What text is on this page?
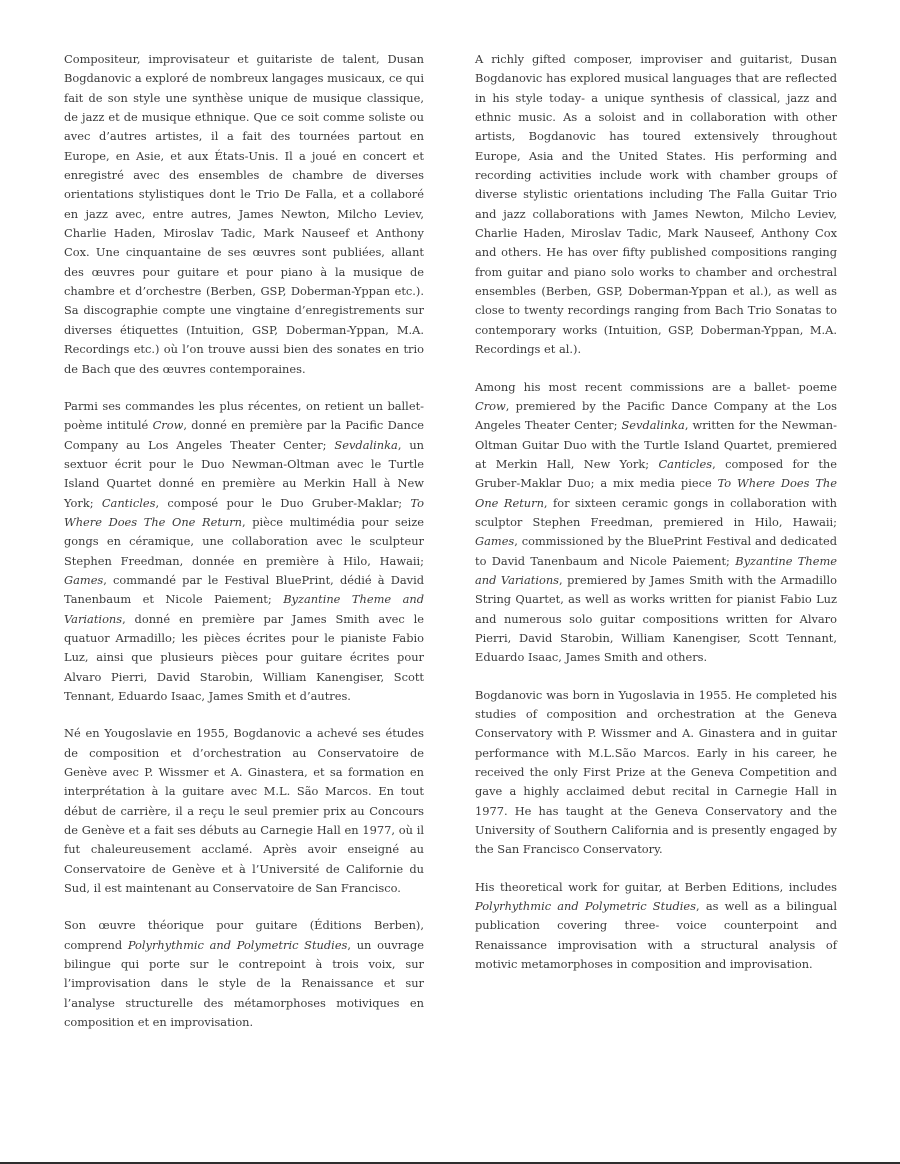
Compositeur, improvisateur et guitariste de talent, Dusan Bogdanovic a exploré de nombreux langages musicaux, ce qui fait de son style une synthèse unique de musique classique, de jazz et de musique ethnique. Que ce soit comme soliste ou avec d’autres artistes, il a fait des tournées partout en Europe, en Asie, et aux États-Unis. Il a joué en concert et enregistré avec des ensembles de chambre de diverses orientations stylistiques dont le Trio De Falla, et a collaboré en jazz avec, entre autres, James Newton, Milcho Leviev, Charlie Haden, Miroslav Tadic, Mark Nauseef et Anthony Cox. Une cinquantaine de ses œuvres sont publiées, allant des œuvres pour guitare et pour piano à la musique de chambre et d’orchestre (Berben, GSP, Doberman-Yppan etc.). Sa discographie compte une vingtaine d’enregistrements sur diverses étiquettes (Intuition, GSP, Doberman-Yppan, M.A. Recordings etc.) où l’on trouve aussi bien des sonates en trio de Bach que des œuvres contemporaines.

Parmi ses commandes les plus récentes, on retient un ballet-poème intitulé Crow, donné en première par la Pacific Dance Company au Los Angeles Theater Center; Sevdalinka, un sextuor écrit pour le Duo Newman-Oltman avec le Turtle Island Quartet donné en première au Merkin Hall à New York; Canticles, composé pour le Duo Gruber-Maklar; To Where Does The One Return, pièce multimédia pour seize gongs en céramique, une collaboration avec le sculpteur Stephen Freedman, donnée en première à Hilo, Hawaii; Games, commandé par le Festival BluePrint, dédié à David Tanenbaum et Nicole Paiement; Byzantine Theme and Variations, donné en première par James Smith avec le quatuor Armadillo; les pièces écrites pour le pianiste Fabio Luz, ainsi que plusieurs pièces pour guitare écrites pour Alvaro Pierri, David Starobin, William Kanengiser, Scott Tennant, Eduardo Isaac, James Smith et d’autres.

Né en Yougoslavie en 1955, Bogdanovic a achevé ses études de composition et d’orchestration au Conservatoire de Genève avec P. Wissmer et A. Ginastera, et sa formation en interprétation à la guitare avec M.L. São Marcos. En tout début de carrière, il a reçu le seul premier prix au Concours de Genève et a fait ses débuts au Carnegie Hall en 1977, où il fut chaleureusement acclamé. Après avoir enseigné au Conservatoire de Genève et à l’Université de Californie du Sud, il est maintenant au Conservatoire de San Francisco.

Son œuvre théorique pour guitare (Éditions Berben), comprend Polyrhythmic and Polymetric Studies, un ouvrage bilingue qui porte sur le contrepoint à trois voix, sur l’improvisation dans le style de la Renaissance et sur l’analyse structurelle des métamorphoses motiviques en composition et en improvisation.

A richly gifted composer, improviser and guitarist, Dusan Bogdanovic has explored musical languages that are reflected in his style today- a unique synthesis of classical, jazz and ethnic music. As a soloist and in collaboration with other artists, Bogdanovic has toured extensively throughout Europe, Asia and the United States. His performing and recording activities include work with chamber groups of diverse stylistic orientations including The Falla Guitar Trio and jazz collaborations with James Newton, Milcho Leviev, Charlie Haden, Miroslav Tadic, Mark Nauseef, Anthony Cox and others. He has over fifty published compositions ranging from guitar and piano solo works to chamber and orchestral ensembles (Berben, GSP, Doberman-Yppan et al.), as well as close to twenty recordings ranging from Bach Trio Sonatas to contemporary works (Intuition, GSP, Doberman-Yppan, M.A. Recordings et al.).

Among his most recent commissions are a ballet- poeme Crow, premiered by the Pacific Dance Company at the Los Angeles Theater Center; Sevdalinka, written for the Newman- Oltman Guitar Duo with the Turtle Island Quartet, premiered at Merkin Hall, New York; Canticles, composed for the Gruber-Maklar Duo; a mix media piece To Where Does The One Return, for sixteen ceramic gongs in collaboration with sculptor Stephen Freedman, premiered in Hilo, Hawaii; Games, commissioned by the BluePrint Festival and dedicated to David Tanenbaum and Nicole Paiement; Byzantine Theme and Variations, premiered by James Smith with the Armadillo String Quartet, as well as works written for pianist Fabio Luz and numerous solo guitar compositions written for Alvaro Pierri, David Starobin, William Kanengiser, Scott Tennant, Eduardo Isaac, James Smith and others.

Bogdanovic was born in Yugoslavia in 1955. He completed his studies of composition and orchestration at the Geneva Conservatory with P. Wissmer and A. Ginastera and in guitar performance with M.L.São Marcos. Early in his career, he received the only First Prize at the Geneva Competition and gave a highly acclaimed debut recital in Carnegie Hall in 1977. He has taught at the Geneva Conservatory and the University of Southern California and is presently engaged by the San Francisco Conservatory.

His theoretical work for guitar, at Berben Editions, includes Polyrhythmic and Polymetric Studies, as well as a bilingual publication covering three- voice counterpoint and Renaissance improvisation with a structural analysis of motivic metamorphoses in composition and improvisation.
